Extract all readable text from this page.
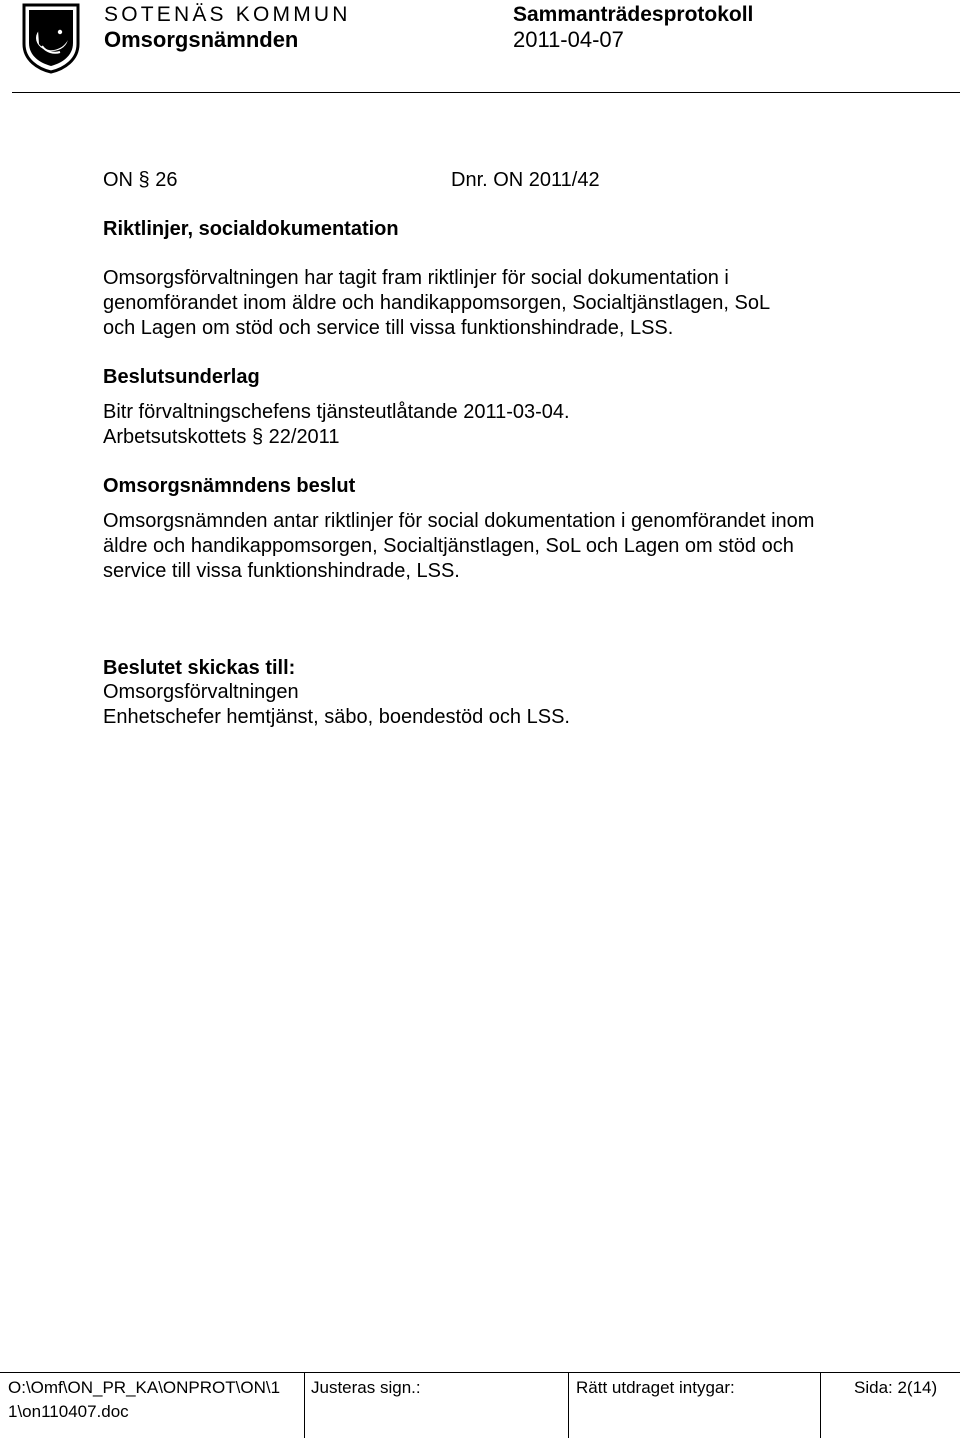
SOTENÄS KOMMUN
Omsorgsnämnden
Sammanträdesprotokoll
2011-04-07
ON § 26	Dnr. ON 2011/42
Riktlinjer, socialdokumentation
Omsorgsförvaltningen har tagit fram riktlinjer för social dokumentation i
genomförandet inom äldre och handikappomsorgen, Socialtjänstlagen, SoL
och Lagen om stöd och service till vissa funktionshindrade, LSS.
Beslutsunderlag
Bitr förvaltningschefens tjänsteutlåtande 2011-03-04.
Arbetsutskottets § 22/2011
Omsorgsnämndens beslut
Omsorgsnämnden antar riktlinjer för social dokumentation i genomförandet inom
äldre och handikappomsorgen, Socialtjänstlagen, SoL och Lagen om stöd och
service till vissa funktionshindrade, LSS.
Beslutet skickas till:
Omsorgsförvaltningen
Enhetschefer hemtjänst, säbo, boendestöd och LSS.
O:\Omf\ON_PR_KA\ONPROT\ON\1
1\on110407.doc
Justeras sign.:	Rätt utdraget intygar:	Sida: 2(14)
